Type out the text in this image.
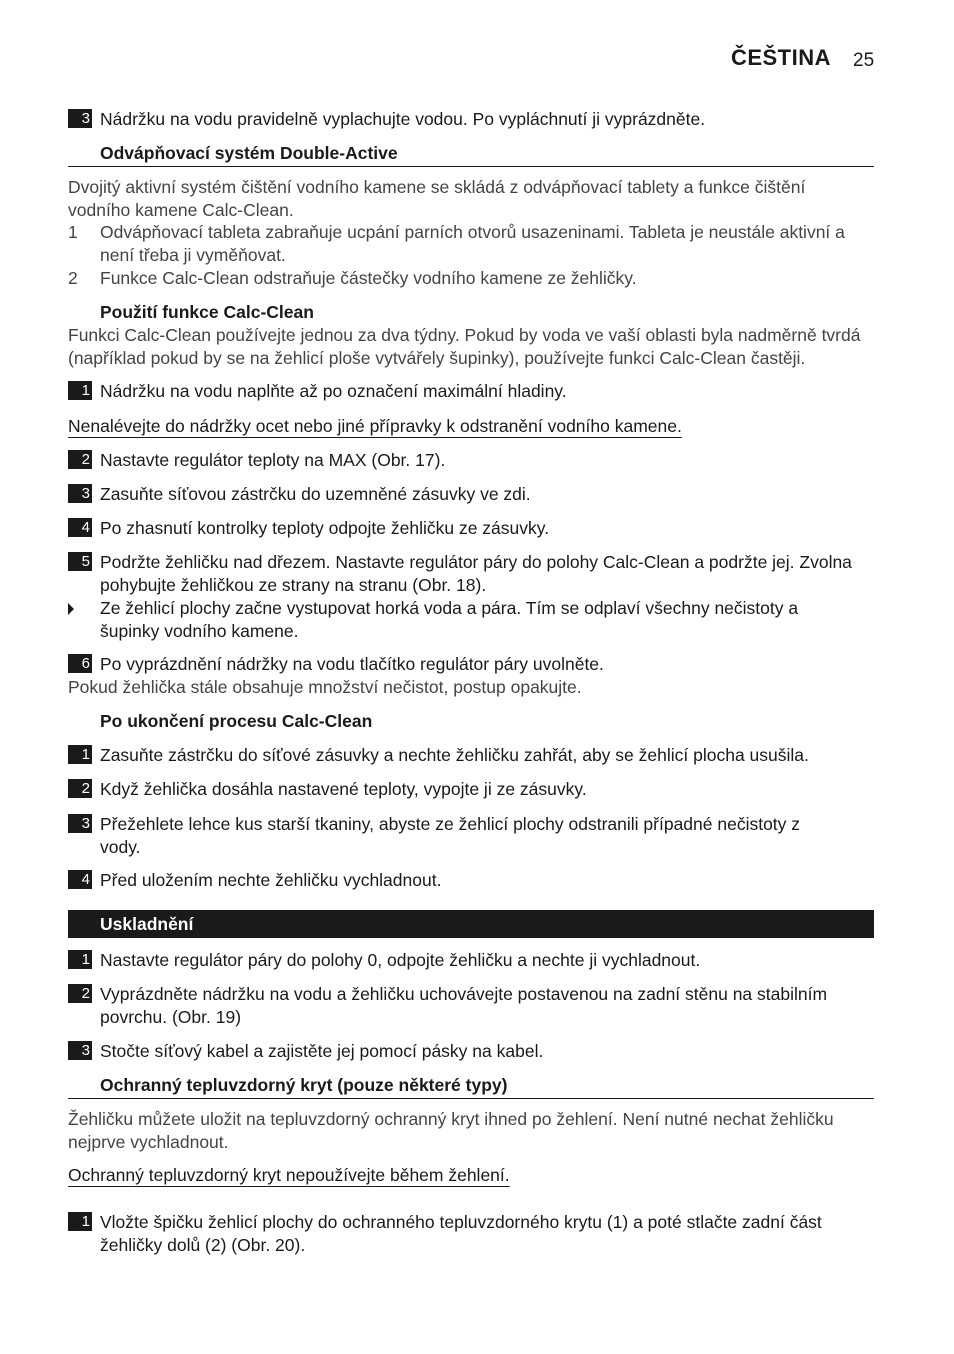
ČEŠTINA 25
3 Nádržku na vodu pravidelně vyplachujte vodou. Po vypláchnutí ji vyprázdněte.
Odvápňovací systém Double-Active
Dvojitý aktivní systém čištění vodního kamene se skládá z odvápňovací tablety a funkce čištění vodního kamene Calc-Clean.
1 Odvápňovací tableta zabraňuje ucpání parních otvorů usazeninami. Tableta je neustále aktivní a není třeba ji vyměňovat.
2 Funkce Calc-Clean odstraňuje částečky vodního kamene ze žehličky.
Použití funkce Calc-Clean
Funkci Calc-Clean používejte jednou za dva týdny. Pokud by voda ve vaší oblasti byla nadměrně tvrdá (například pokud by se na žehlicí ploše vytvářely šupinky), používejte funkci Calc-Clean častěji.
1 Nádržku na vodu naplňte až po označení maximální hladiny.
Nenalévejte do nádržky ocet nebo jiné přípravky k odstranění vodního kamene.
2 Nastavte regulátor teploty na MAX (Obr. 17).
3 Zasuňte síťovou zástrčku do uzemněné zásuvky ve zdi.
4 Po zhasnutí kontrolky teploty odpojte žehličku ze zásuvky.
5 Podržte žehličku nad dřezem. Nastavte regulátor páry do polohy Calc-Clean a podržte jej. Zvolna pohybujte žehličkou ze strany na stranu (Obr. 18).
Ze žehlicí plochy začne vystupovat horká voda a pára. Tím se odplaví všechny nečistoty a šupinky vodního kamene.
6 Po vyprázdnění nádržky na vodu tlačítko regulátor páry uvolněte.
Pokud žehlička stále obsahuje množství nečistot, postup opakujte.
Po ukončení procesu Calc-Clean
1 Zasuňte zástrčku do síťové zásuvky a nechte žehličku zahřát, aby se žehlicí plocha usušila.
2 Když žehlička dosáhla nastavené teploty, vypojte ji ze zásuvky.
3 Přežehlete lehce kus starší tkaniny, abyste ze žehlicí plochy odstranili případné nečistoty z vody.
4 Před uložením nechte žehličku vychladnout.
Uskladnění
1 Nastavte regulátor páry do polohy 0, odpojte žehličku a nechte ji vychladnout.
2 Vyprázdněte nádržku na vodu a žehličku uchovávejte postavenou na zadní stěnu na stabilním povrchu. (Obr. 19)
3 Stočte síťový kabel a zajistěte jej pomocí pásky na kabel.
Ochranný tepluvzdorný kryt (pouze některé typy)
Žehličku můžete uložit na tepluvzdorný ochranný kryt ihned po žehlení. Není nutné nechat žehličku nejprve vychladnout.
Ochranný tepluvzdorný kryt nepoužívejte během žehlení.
1 Vložte špičku žehlicí plochy do ochranného tepluvzdorného krytu (1) a poté stlačte zadní část žehličky dolů (2) (Obr. 20).
